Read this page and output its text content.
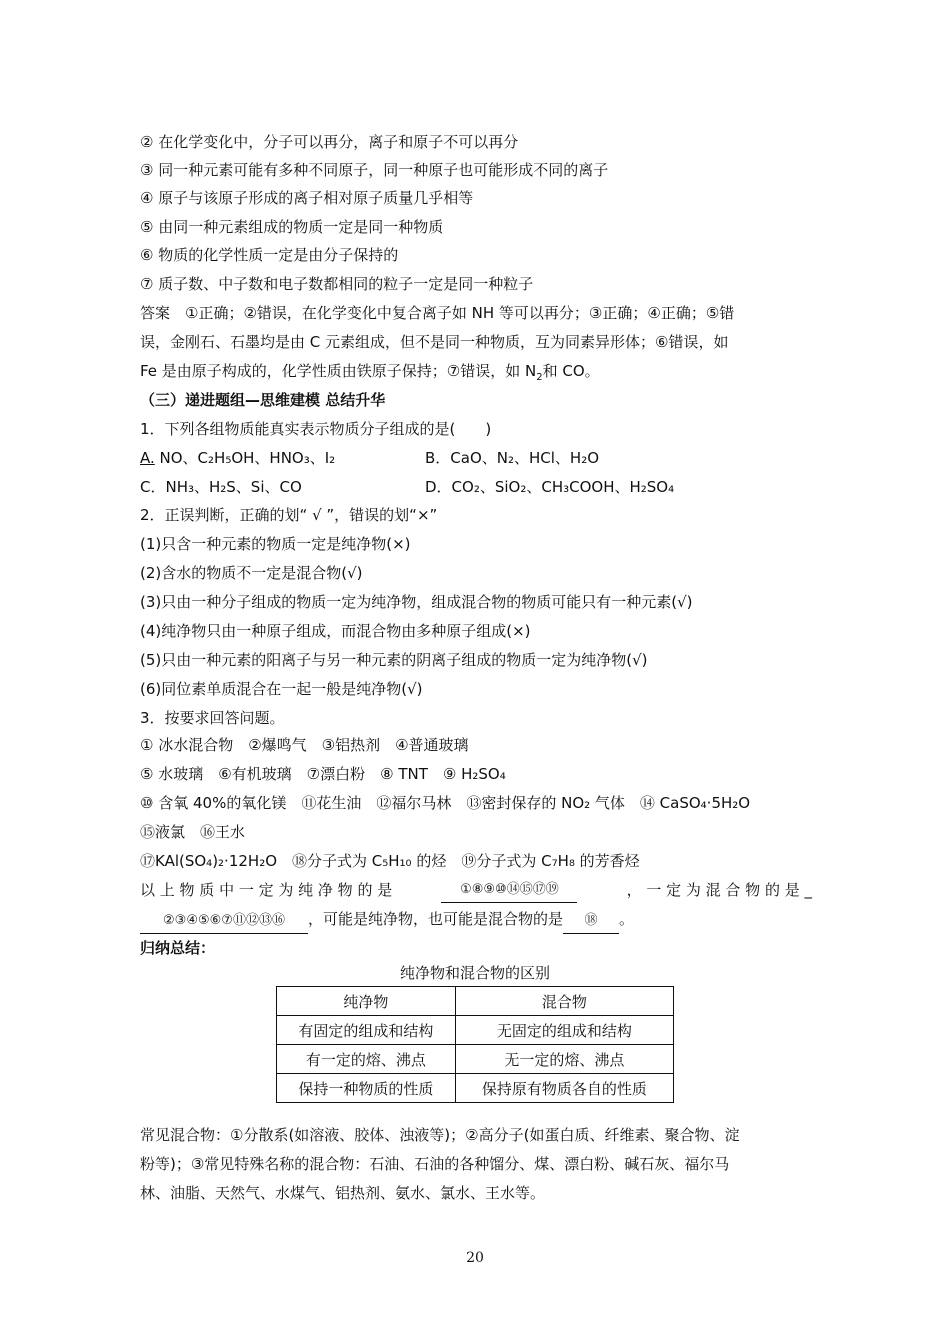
② 在化学变化中，分子可以再分，离子和原子不可以再分
③ 同一种元素可能有多种不同原子，同一种原子也可能形成不同的离子
④ 原子与该原子形成的离子相对原子质量几乎相等
⑤ 由同一种元素组成的物质一定是同一种物质
⑥ 物质的化学性质一定是由分子保持的
⑦ 质子数、中子数和电子数都相同的粒子一定是同一种粒子
答案　①正确；②错误，在化学变化中复合离子如 NH 等可以再分；③正确；④正确；⑤错
误，金刚石、石墨均是由 C 元素组成，但不是同一种物质，互为同素异形体；⑥错误，如
Fe 是由原子构成的，化学性质由铁原子保持；⑦错误，如 $N_2$和 CO。
（三）递进题组—思维建模 总结升华
1．下列各组物质能真实表示物质分子组成的是(　　)
A. NO、C₂H₅OH、HNO₃、I₂	B．CaO、N₂、HCl、H₂O
C．NH₃、H₂S、Si、CO	D．CO₂、SiO₂、CH₃COOH、H₂SO₄
2．正误判断，正确的划“ √ ”，错误的划“×”
(1)只含一种元素的物质一定是纯净物(×)
(2)含水的物质不一定是混合物(√)
(3)只由一种分子组成的物质一定为纯净物，组成混合物的物质可能只有一种元素(√)
(4)纯净物只由一种原子组成，而混合物由多种原子组成(×)
(5)只由一种元素的阳离子与另一种元素的阴离子组成的物质一定为纯净物(√)
(6)同位素单质混合在一起一般是纯净物(√)
3．按要求回答问题。
① 冰水混合物　②爆鸣气　③铝热剂　④普通玻璃
⑤ 水玻璃　⑥有机玻璃　⑦漂白粉　⑧ TNT　⑨ H₂SO₄
⑩ 含氧 40%的氧化镁　⑪花生油　⑫福尔马林　⑬密封保存的 NO₂ 气体　⑭ CaSO₄·5H₂O
⑮液氯　⑯王水
⑰KAl(SO₄)₂·12H₂O　⑱分子式为 C₅H₁₀ 的烃　⑲分子式为 C₇H₈ 的芳香烃
以 上 物 质 中 一 定 为 纯 净 物 的 是	①⑧⑨⑩⑭⑮⑰⑲	， 一 定 为 混 合 物 的 是 _
②③④⑤⑥⑦⑪⑫⑬⑯ ，可能是纯净物，也可能是混合物的是 ⑱ 。
归纳总结：
纯净物和混合物的区别
纯净物	混合物
有固定的组成和结构	无固定的组成和结构
有一定的熔、沸点	无一定的熔、沸点
保持一种物质的性质	保持原有物质各自的性质
常见混合物：①分散系(如溶液、胶体、浊液等)；②高分子(如蛋白质、纤维素、聚合物、淀
粉等)；③常见特殊名称的混合物：石油、石油的各种馏分、煤、漂白粉、碱石灰、福尔马
林、油脂、天然气、水煤气、铝热剂、氨水、氯水、王水等。
20
